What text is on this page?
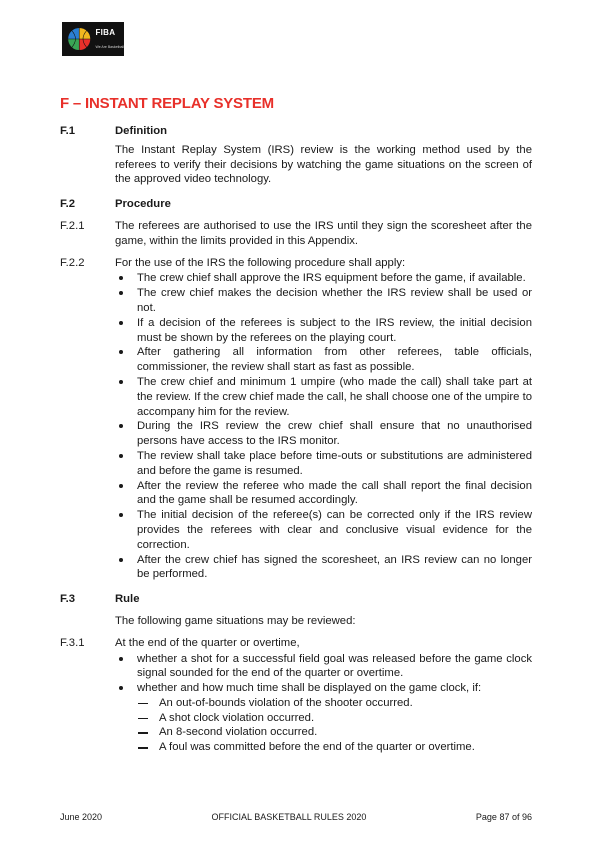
FIBA
We Are Basketball
F – INSTANT REPLAY SYSTEM
F.1	Definition
The Instant Replay System (IRS) review is the working method used by the referees to verify their decisions by watching the game situations on the screen of the approved video technology.
F.2	Procedure
F.2.1	The referees are authorised to use the IRS until they sign the scoresheet after the game, within the limits provided in this Appendix.
F.2.2	For the use of the IRS the following procedure shall apply:
The crew chief shall approve the IRS equipment before the game, if available.
The crew chief makes the decision whether the IRS review shall be used or not.
If a decision of the referees is subject to the IRS review, the initial decision must be shown by the referees on the playing court.
After gathering all information from other referees, table officials, commissioner, the review shall start as fast as possible.
The crew chief and minimum 1 umpire (who made the call) shall take part at the review. If the crew chief made the call, he shall choose one of the umpire to accompany him for the review.
During the IRS review the crew chief shall ensure that no unauthorised persons have access to the IRS monitor.
The review shall take place before time-outs or substitutions are administered and before the game is resumed.
After the review the referee who made the call shall report the final decision and the game shall be resumed accordingly.
The initial decision of the referee(s) can be corrected only if the IRS review provides the referees with clear and conclusive visual evidence for the correction.
After the crew chief has signed the scoresheet, an IRS review can no longer be performed.
F.3	Rule
The following game situations may be reviewed:
F.3.1	At the end of the quarter or overtime,
whether a shot for a successful field goal was released before the game clock signal sounded for the end of the quarter or overtime.
whether and how much time shall be displayed on the game clock, if:
An out-of-bounds violation of the shooter occurred.
A shot clock violation occurred.
An 8-second violation occurred.
A foul was committed before the end of the quarter or overtime.
June 2020	OFFICIAL BASKETBALL RULES 2020	Page 87 of 96
